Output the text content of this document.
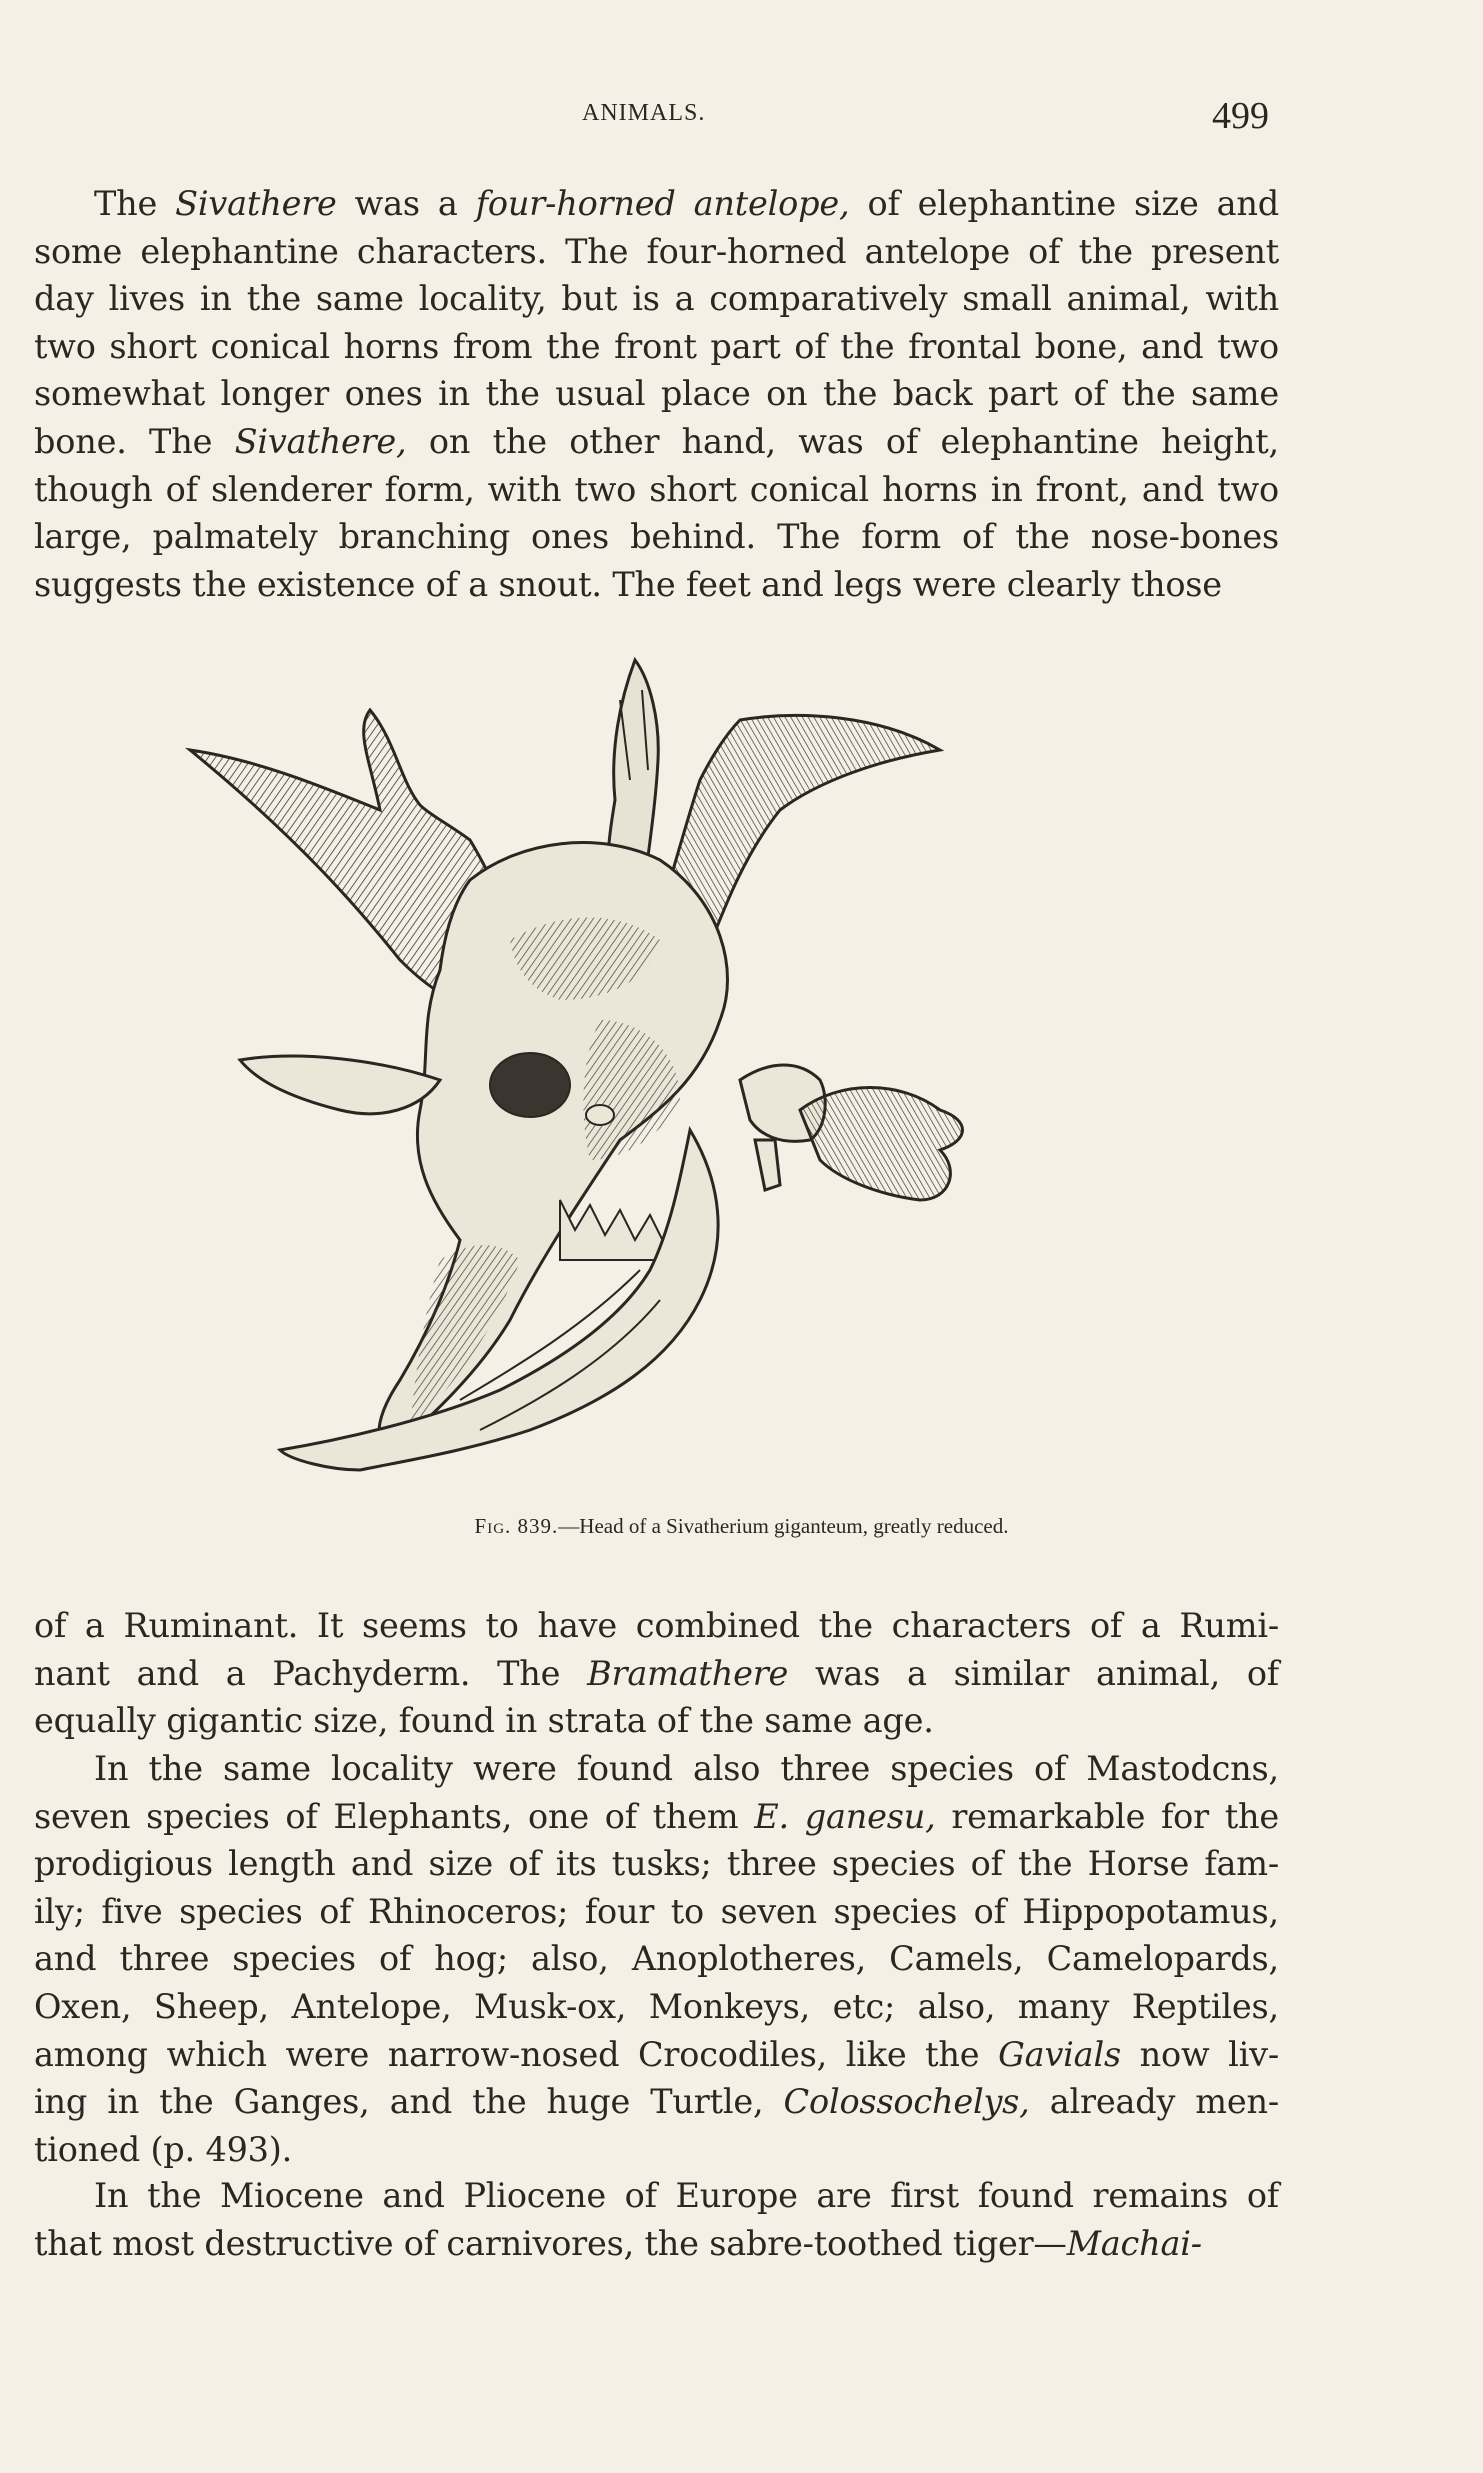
ANIMALS.	499

The Sivathere was a four-horned antelope, of elephantine size and
some elephantine characters. The four-horned antelope of the present
day lives in the same locality, but is a comparatively small animal, with
two short conical horns from the front part of the frontal bone, and two
somewhat longer ones in the usual place on the back part of the same
bone. The Sivathere, on the other hand, was of elephantine height,
though of slenderer form, with two short conical horns in front, and two
large, palmately branching ones behind. The form of the nose-bones
suggests the existence of a snout. The feet and legs were clearly those

Fig. 839.—Head of a Sivatherium giganteum, greatly reduced.

of a Ruminant. It seems to have combined the characters of a Rumi-
nant and a Pachyderm. The Bramathere was a similar animal, of
equally gigantic size, found in strata of the same age.

In the same locality were found also three species of Mastodcns,
seven species of Elephants, one of them E. ganesu, remarkable for the
prodigious length and size of its tusks; three species of the Horse fam-
ily; five species of Rhinoceros; four to seven species of Hippopotamus,
and three species of hog; also, Anoplotheres, Camels, Camelopards,
Oxen, Sheep, Antelope, Musk-ox, Monkeys, etc; also, many Reptiles,
among which were narrow-nosed Crocodiles, like the Gavials now liv-
ing in the Ganges, and the huge Turtle, Colossochelys, already men-
tioned (p. 493).

In the Miocene and Pliocene of Europe are first found remains of
that most destructive of carnivores, the sabre-toothed tiger—Machai-
